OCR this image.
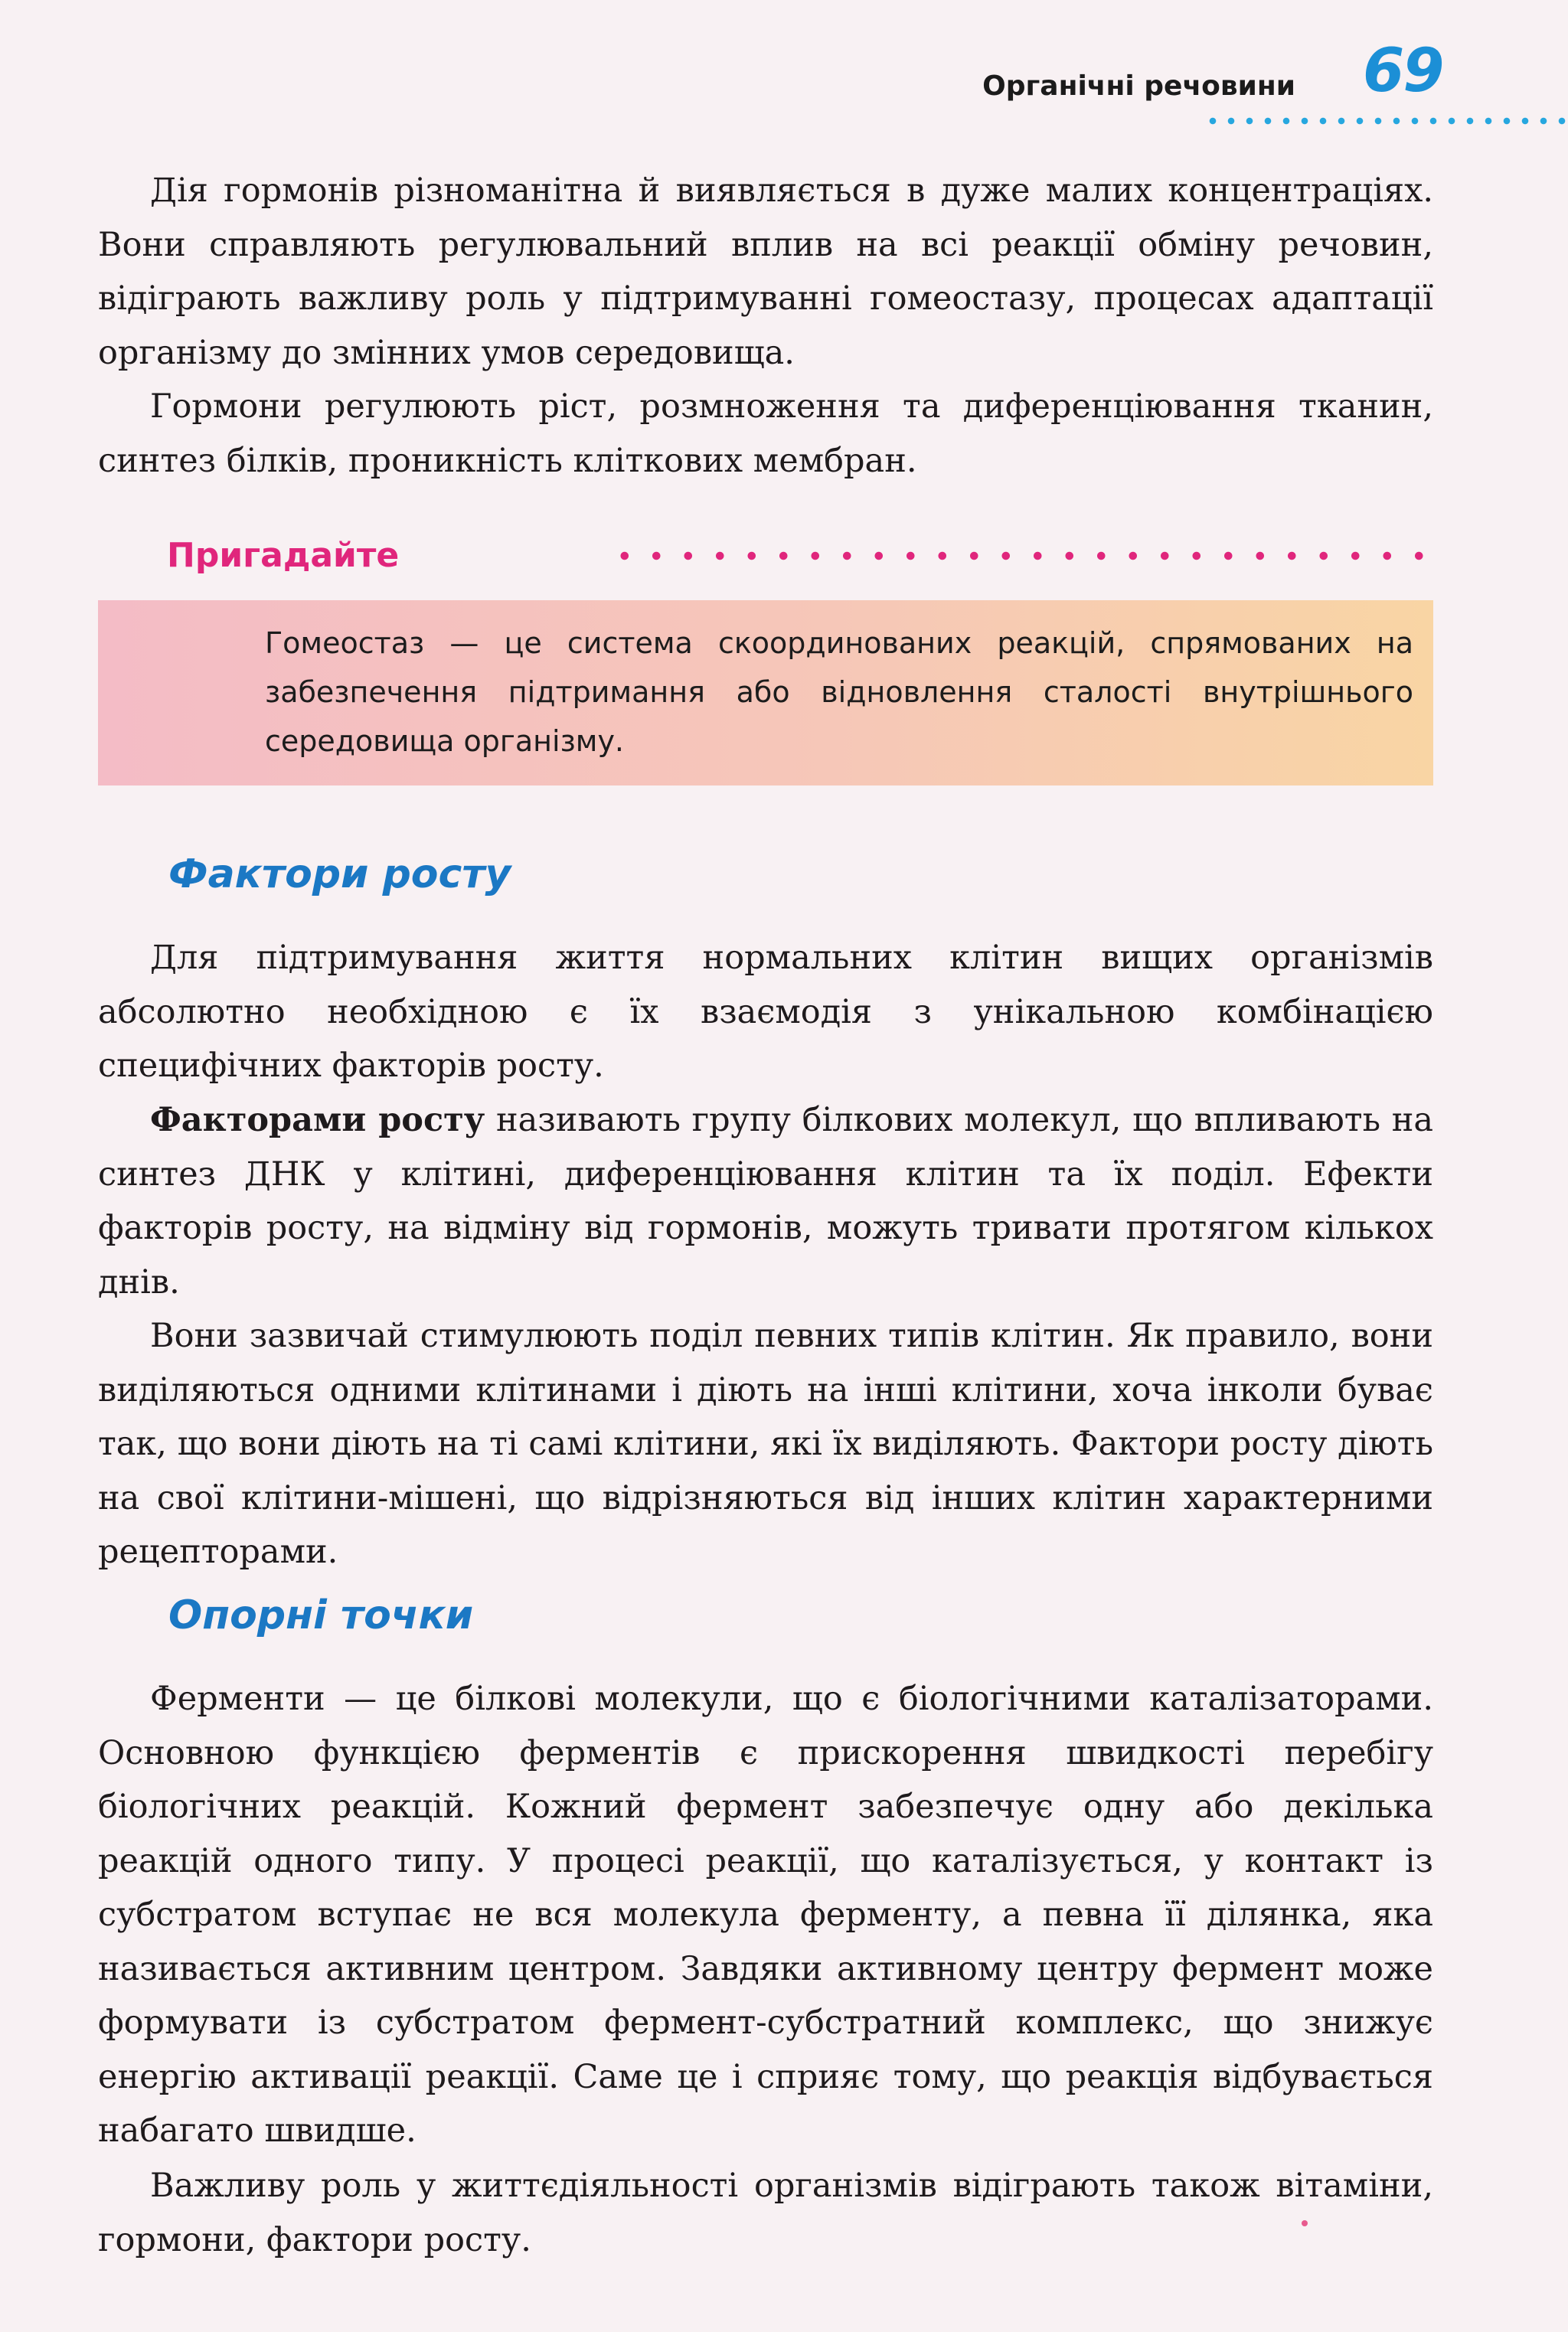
Органічні речовини 69

Дія гормонів різноманітна й виявляється в дуже малих концентраціях. Вони справляють регулювальний вплив на всі реакції обміну речовин, відіграють важливу роль у підтримуванні гомеостазу, процесах адаптації організму до змінних умов середовища.

Гормони регулюють ріст, розмноження та диференціювання тканин, синтез білків, проникність кліткових мембран.

Пригадайте

Гомеостаз — це система скоординованих реакцій, спрямованих на забезпечення підтримання або відновлення сталості внутрішнього середовища організму.

Фактори росту

Для підтримування життя нормальних клітин вищих організмів абсолютно необхідною є їх взаємодія з унікальною комбінацією специфічних факторів росту.

Факторами росту називають групу білкових молекул, що впливають на синтез ДНК у клітині, диференціювання клітин та їх поділ. Ефекти факторів росту, на відміну від гормонів, можуть тривати протягом кількох днів.

Вони зазвичай стимулюють поділ певних типів клітин. Як правило, вони виділяються одними клітинами і діють на інші клітини, хоча інколи буває так, що вони діють на ті самі клітини, які їх виділяють. Фактори росту діють на свої клітини-мішені, що відрізняються від інших клітин характерними рецепторами.

Опорні точки

Ферменти — це білкові молекули, що є біологічними каталізаторами. Основною функцією ферментів є прискорення швидкості перебігу біологічних реакцій. Кожний фермент забезпечує одну або декілька реакцій одного типу. У процесі реакції, що каталізується, у контакт із субстратом вступає не вся молекула ферменту, а певна її ділянка, яка називається активним центром. Завдяки активному центру фермент може формувати із субстратом фермент-субстратний комплекс, що знижує енергію активації реакції. Саме це і сприяє тому, що реакція відбувається набагато швидше.

Важливу роль у життєдіяльності організмів відіграють також вітаміни, гормони, фактори росту.
